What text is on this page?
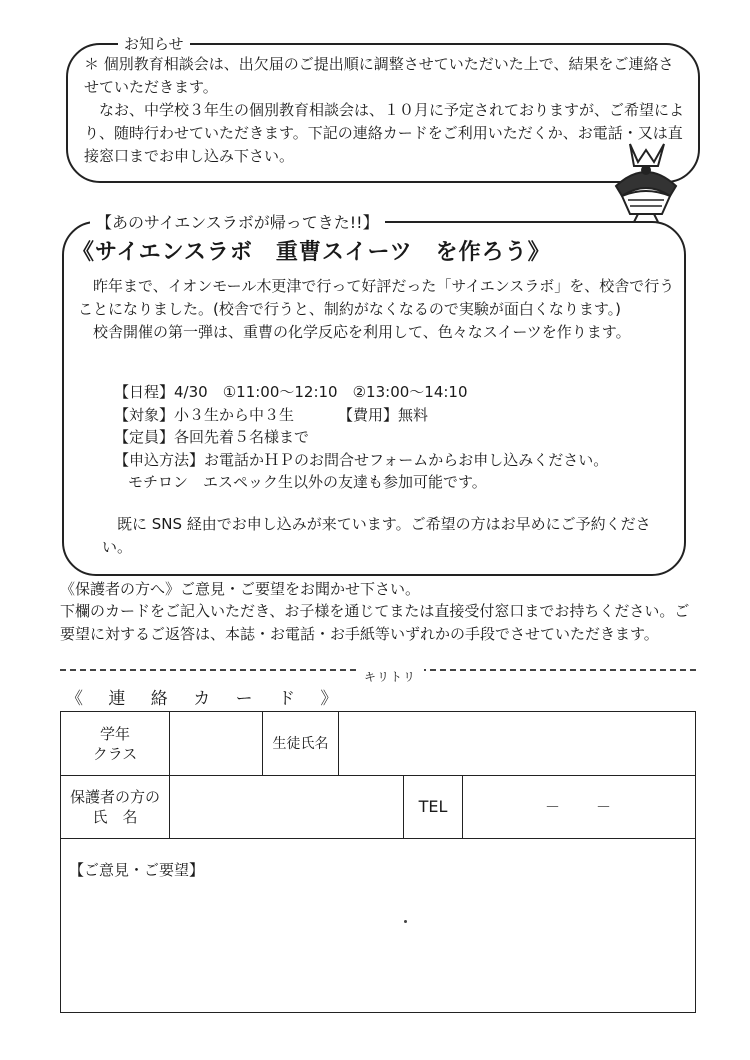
お知らせ

＊ 個別教育相談会は、出欠届のご提出順に調整させていただいた上で、結果をご連絡させていただきます。

なお、中学校３年生の個別教育相談会は、１０月に予定されておりますが、ご希望により、随時行わせていただきます。下記の連絡カードをご利用いただくか、お電話・又は直接窓口までお申し込み下さい。

【あのサイエンスラボが帰ってきた!!】
《サイエンスラボ　重曹スイーツ　を作ろう》

昨年まで、イオンモール木更津で行って好評だった「サイエンスラボ」を、校舎で行うことになりました。(校舎で行うと、制約がなくなるので実験が面白くなります。)

校舎開催の第一弾は、重曹の化学反応を利用して、色々なスイーツを作ります。

【日程】4/30　①11:00～12:10　②13:00～14:10
【対象】小３生から中３生	【費用】無料
【定員】各回先着５名様まで
【申込方法】お電話かＨＰのお問合せフォームからお申し込みください。
モチロン　エスペック生以外の友達も参加可能です。

既に SNS 経由でお申し込みが来ています。ご希望の方はお早めにご予約ください。

《保護者の方へ》ご意見・ご要望をお聞かせ下さい。

下欄のカードをご記入いただき、お子様を通じてまたは直接受付窓口までお持ちください。ご要望に対するご返答は、本誌・お電話・お手紙等いずれかの手段でさせていただきます。

キリトリ
《 連 絡 カ ー ド 》
学年
クラス
生徒氏名
保護者の方の
氏　名
TEL	－　　－
【ご意見・ご要望】
